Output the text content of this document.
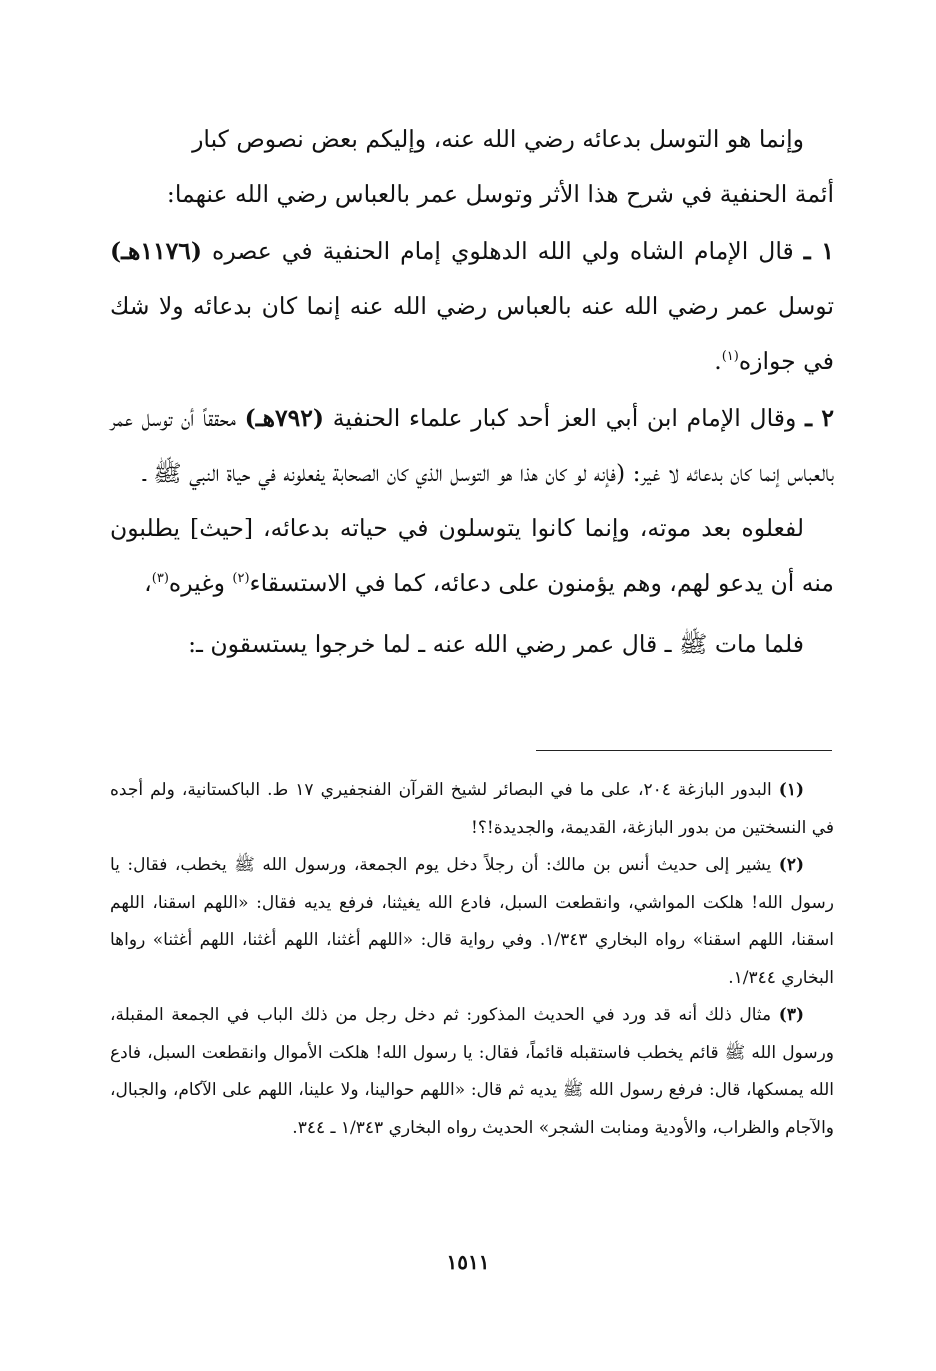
وإنما هو التوسل بدعائه رضي الله عنه، وإليكم بعض نصوص كبار

أئمة الحنفية في شرح هذا الأثر وتوسل عمر بالعباس رضي الله عنهما:

١ ـ قال الإمام الشاه ولي الله الدهلوي إمام الحنفية في عصره (١١٧٦هـ) توسل عمر رضي الله عنه بالعباس رضي الله عنه إنما كان بدعائه ولا شك في جوازه$^{(١)}$.

٢ ـ وقال الإمام ابن أبي العز أحد كبار علماء الحنفية (٧٩٢هـ) محققاً أن توسل عمر بالعباس إنما كان بدعائه لا غير: (فإنه لو كان هذا هو التوسل الذي كان الصحابة يفعلونه في حياة النبي ﷺ ـ

لفعلوه بعد موته، وإنما كانوا يتوسلون في حياته بدعائه، [حيث] يطلبون منه أن يدعو لهم، وهم يؤمنون على دعائه، كما في الاستسقاء$^{(٢)}$ وغيره$^{(٣)}$،

فلما مات ﷺ ـ قال عمر رضي الله عنه ـ لما خرجوا يستسقون ـ:

(١) البدور البازغة ٢٠٤، على ما في البصائر لشيخ القرآن الفنجفيري ١٧ ط. الباكستانية، ولم أجده في النسختين من بدور البازغة، القديمة، والجديدة!؟!

(٢) يشير إلى حديث أنس بن مالك: أن رجلاً دخل يوم الجمعة، ورسول الله ﷺ يخطب، فقال: يا رسول الله! هلكت المواشي، وانقطعت السبل، فادع الله يغيثنا، فرفع يديه فقال: «اللهم اسقنا، اللهم اسقنا، اللهم اسقنا» رواه البخاري ١/٣٤٣. وفي رواية قال: «اللهم أغثنا، اللهم أغثنا، اللهم أغثنا» رواها البخاري ١/٣٤٤.

(٣) مثال ذلك أنه قد ورد في الحديث المذكور: ثم دخل رجل من ذلك الباب في الجمعة المقبلة، ورسول الله ﷺ قائم يخطب فاستقبله قائماً، فقال: يا رسول الله! هلكت الأموال وانقطعت السبل، فادع الله يمسكها، قال: فرفع رسول الله ﷺ يديه ثم قال: «اللهم حوالينا، ولا علينا، اللهم على الآكام، والجبال، والآجام والظراب، والأودية ومنابت الشجر» الحديث رواه البخاري ١/٣٤٣ ـ ٣٤٤.

١٥١١
